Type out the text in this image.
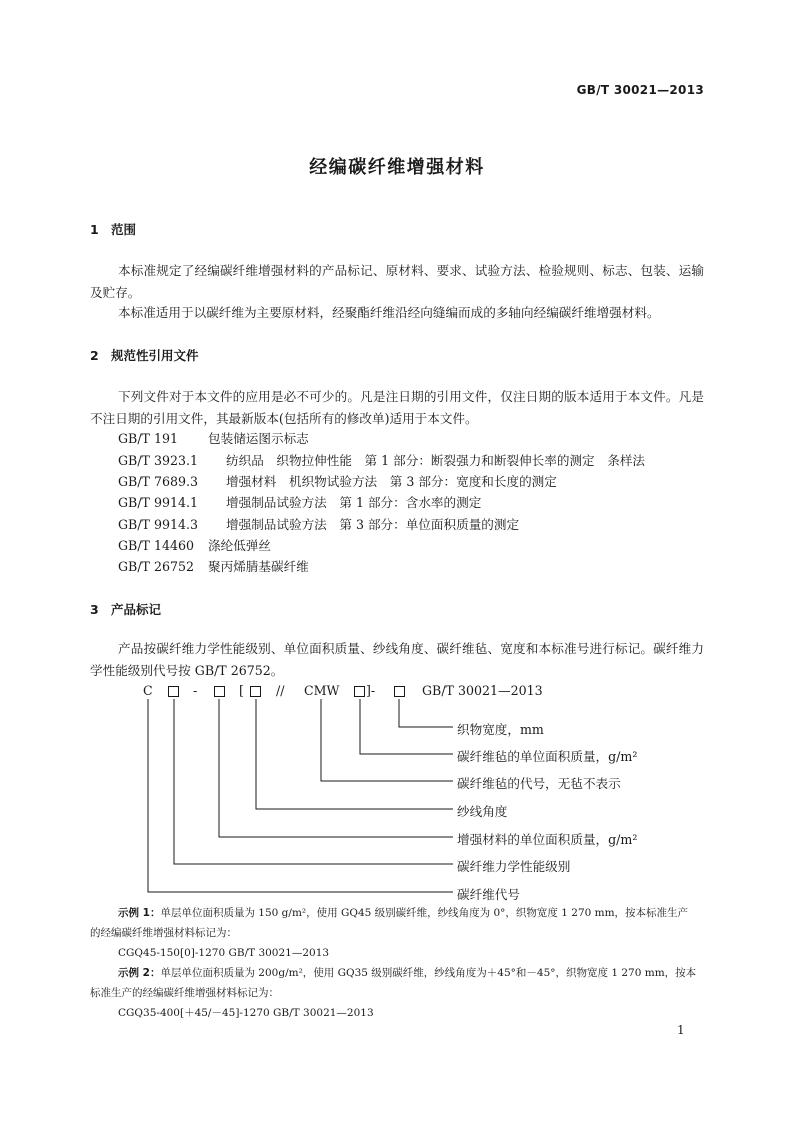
GB/T 30021—2013
经编碳纤维增强材料
1 范围

本标准规定了经编碳纤维增强材料的产品标记、原材料、要求、试验方法、检验规则、标志、包装、运输及贮存。

本标准适用于以碳纤维为主要原材料，经聚酯纤维沿经向缝编而成的多轴向经编碳纤维增强材料。

2 规范性引用文件

下列文件对于本文件的应用是必不可少的。凡是注日期的引用文件，仅注日期的版本适用于本文件。凡是不注日期的引用文件，其最新版本(包括所有的修改单)适用于本文件。

GB/T 191 包装储运图示标志
GB/T 3923.1 纺织品　织物拉伸性能　第 1 部分：断裂强力和断裂伸长率的测定　条样法
GB/T 7689.3 增强材料　机织物试验方法　第 3 部分：宽度和长度的测定
GB/T 9914.1 增强制品试验方法　第 1 部分：含水率的测定
GB/T 9914.3 增强制品试验方法　第 3 部分：单位面积质量的测定
GB/T 14460 涤纶低弹丝
GB/T 26752 聚丙烯腈基碳纤维
3 产品标记

产品按碳纤维力学性能级别、单位面积质量、纱线角度、碳纤维毡、宽度和本标准号进行标记。碳纤维力学性能级别代号按 GB/T 26752。

C	-	[	// CMW ]-	GB/T 30021—2013
织物宽度，mm
碳纤维毡的单位面积质量，g/m²
碳纤维毡的代号，无毡不表示
纱线角度
增强材料的单位面积质量，g/m²
碳纤维力学性能级别
碳纤维代号
示例 1：单层单位面积质量为 150 g/m²，使用 GQ45 级别碳纤维，纱线角度为 0°，织物宽度 1 270 mm，按本标准生产
的经编碳纤维增强材料标记为：
CGQ45-150[0]-1270 GB/T 30021—2013
示例 2：单层单位面积质量为 200g/m²，使用 GQ35 级别碳纤维，纱线角度为＋45°和－45°，织物宽度 1 270 mm，按本
标准生产的经编碳纤维增强材料标记为：
CGQ35-400[＋45/－45]-1270 GB/T 30021—2013
1
